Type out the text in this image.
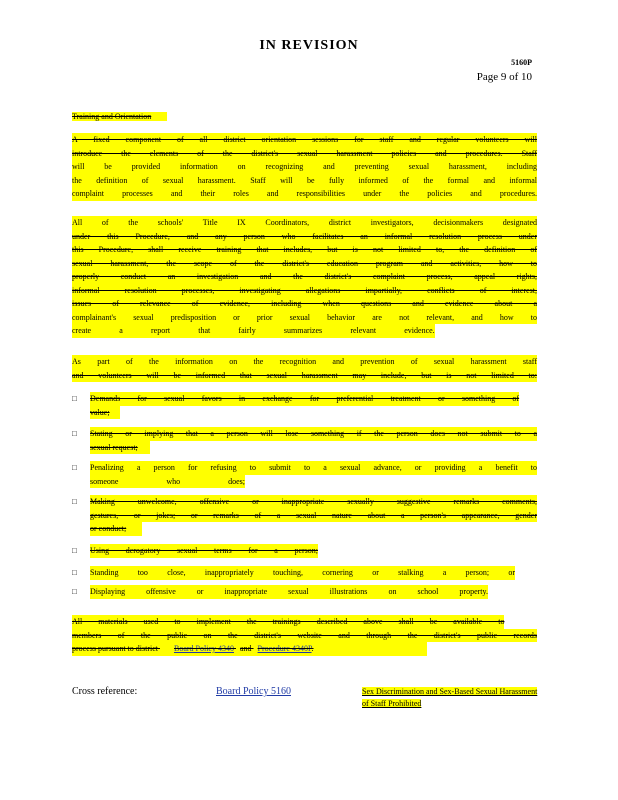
IN REVISION
5160P
Page 9 of 10
Training and Orientation
A fixed component of all district orientation sessions for staff and regular volunteers will
introduce the elements of the district's sexual harassment policies and procedures. Staff
will be provided information on recognizing and preventing sexual harassment, including
the definition of sexual harassment. Staff will be fully informed of the formal and informal
complaint processes and their roles and responsibilities under the policies and procedures.
All of the schools' Title IX Coordinators, district investigators, decisionmakers designated
under this Procedure, and any person who facilitates an informal resolution process under
this Procedure, shall receive training that includes, but is not limited to, the definition of
sexual harassment, the scope of the district's education program and activities, how to
properly conduct an investigation and the district's complaint process, appeal rights,
informal resolution processes, investigating allegations impartially, conflicts of interest,
issues of relevance of evidence, including when questions and evidence about a
complainant's sexual predisposition or prior sexual behavior are not relevant, and how to
create a report that fairly summarizes relevant evidence.
As part of the information on the recognition and prevention of sexual harassment staff
and volunteers will be informed that sexual harassment may include, but is not limited to:
□	Demands for sexual favors in exchange for preferential treatment or something of
value;
□	Stating or implying that a person will lose something if the person does not submit to a
sexual request;
□	Penalizing a person for refusing to submit to a sexual advance, or providing a benefit to
someone who does;
□	Making unwelcome, offensive or inappropriate sexually suggestive remarks comments,
gestures, or jokes; or remarks of a sexual nature about a person's appearance, gender
or conduct;
□	Using derogatory sexual terms for a person;
□	Standing too close, inappropriately touching, cornering or stalking a person; or
□	Displaying offensive or inappropriate sexual illustrations on school property.
All materials used to implement the trainings described above shall be available to
members of the public on the district's website and through the district's public records
process pursuant to district Board Policy 4340 and Procedure 4340P.
Cross reference:	Board Policy 5160	Sex Discrimination and Sex-Based Sexual Harassment of Staff Prohibited
